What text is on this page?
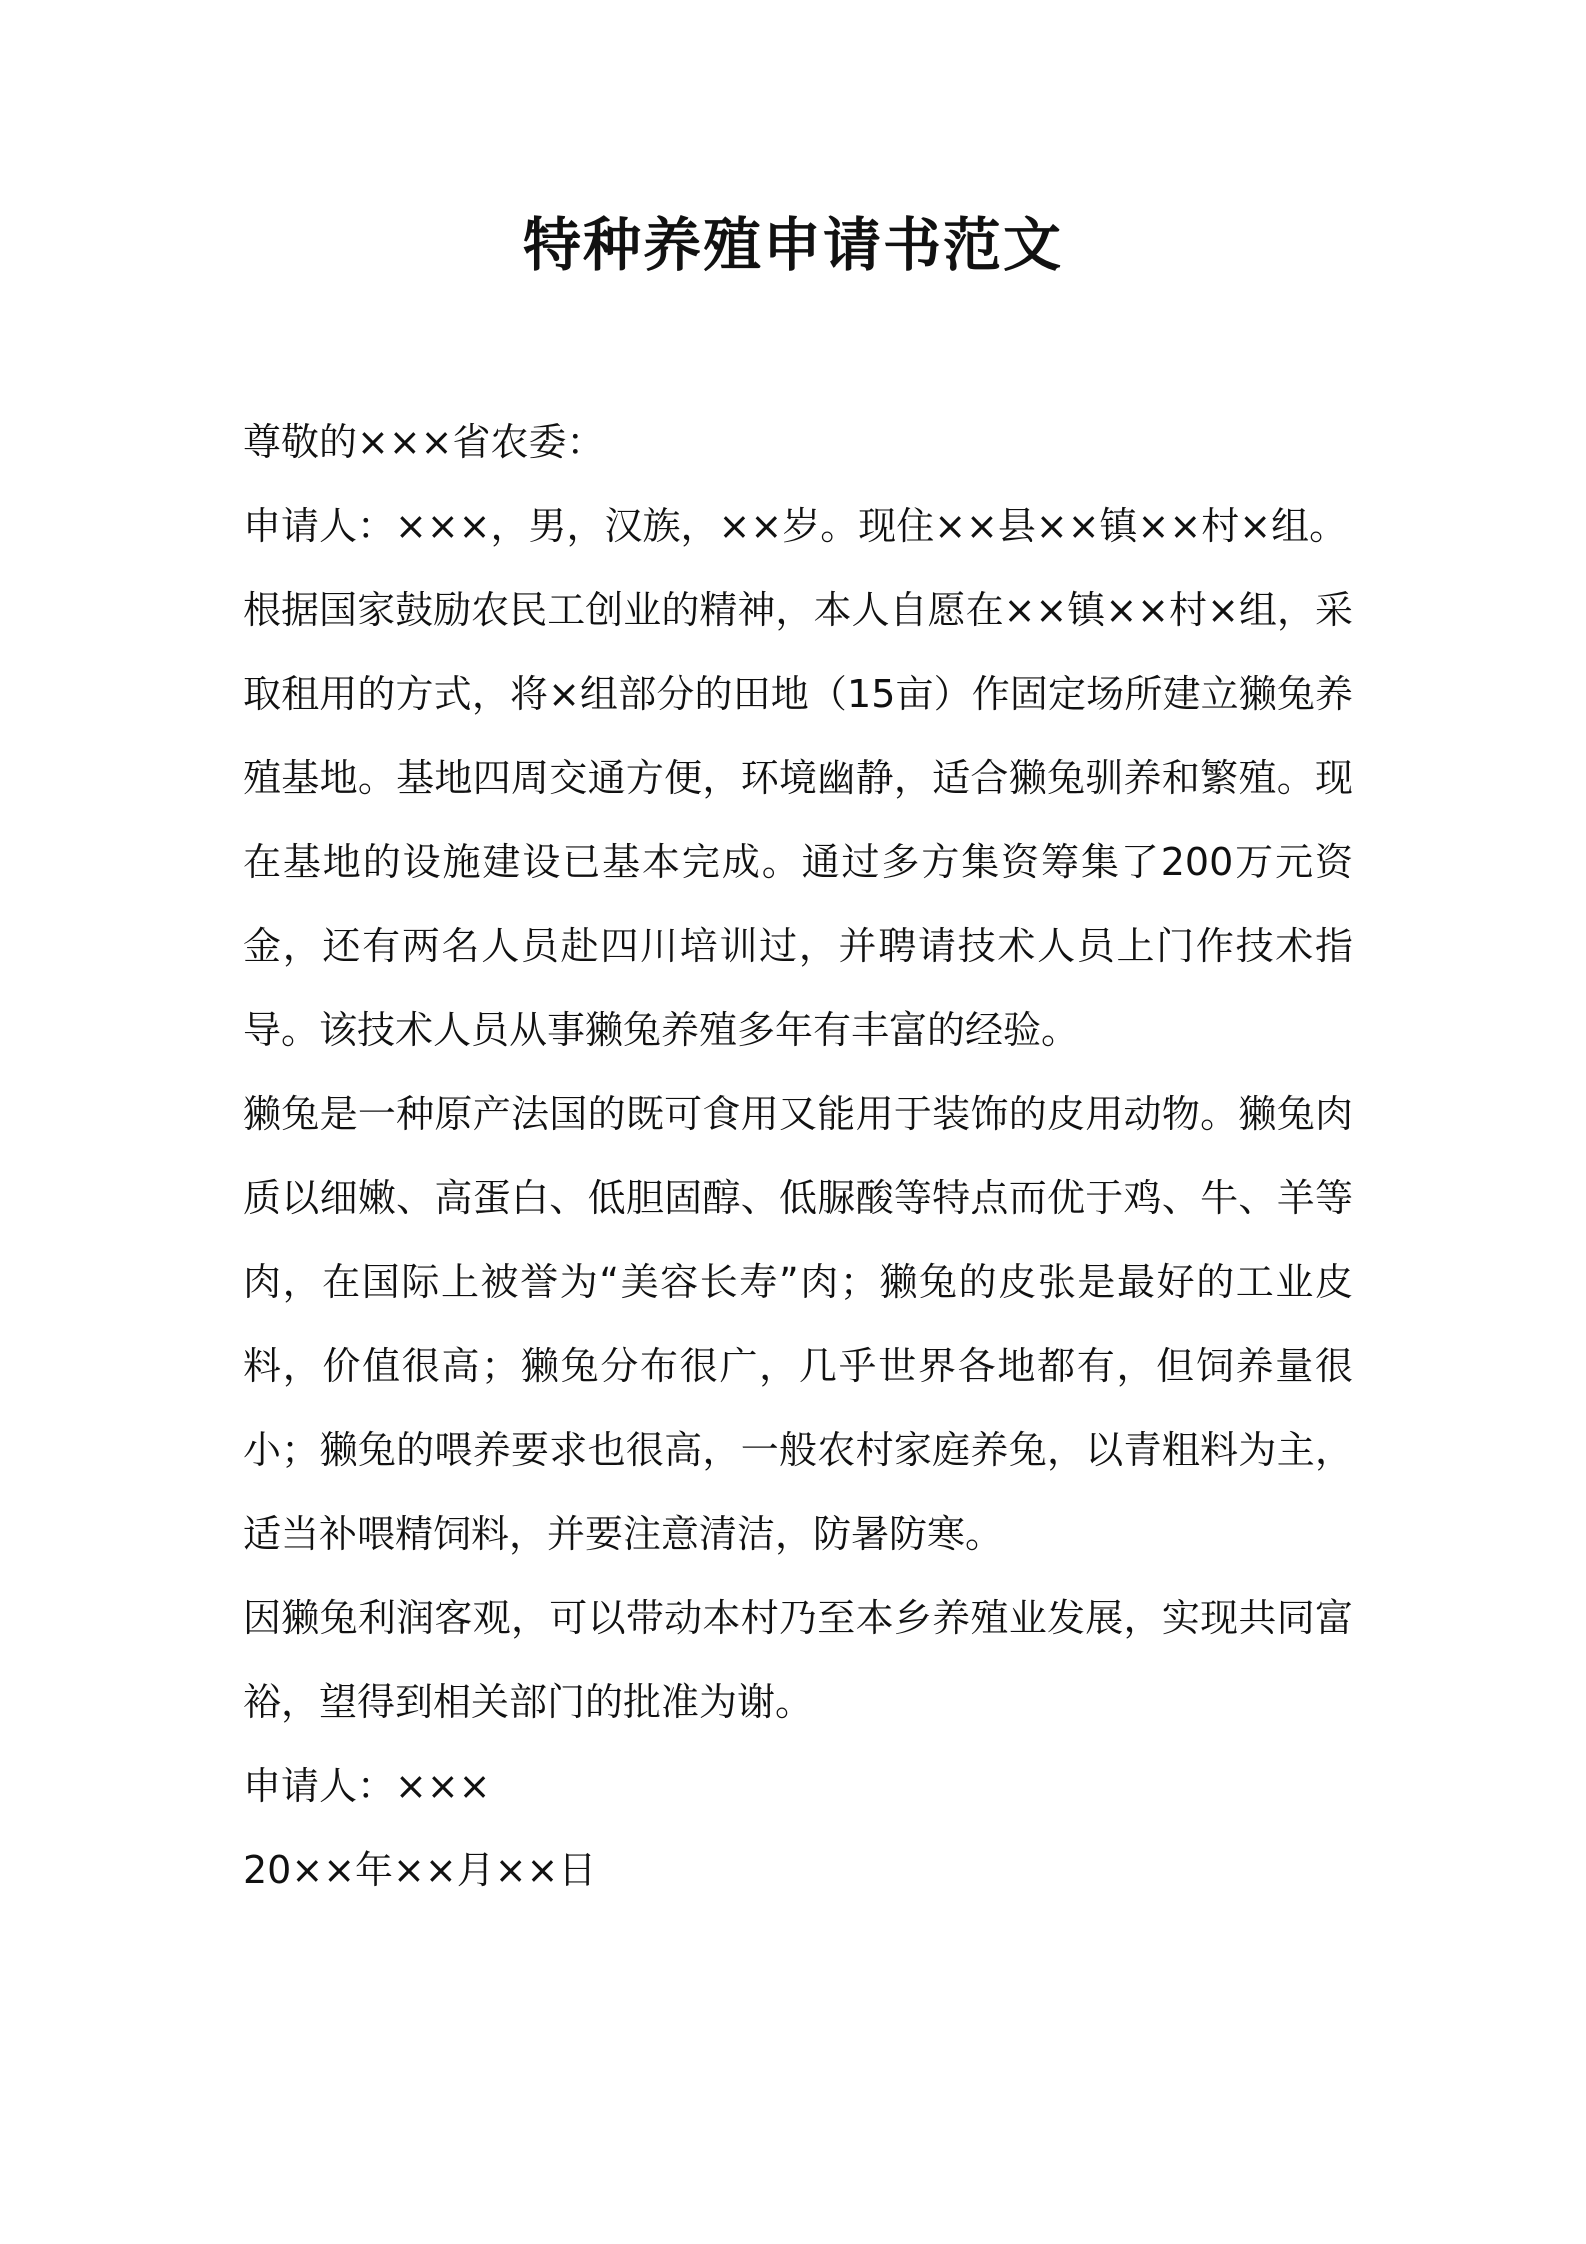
特种养殖申请书范文

尊敬的×××省农委：

申请人：×××，男，汉族，××岁。现住××县××镇××村×组。

根据国家鼓励农民工创业的精神，本人自愿在××镇××村×组，采取租用的方式，将×组部分的田地（15亩）作固定场所建立獭兔养殖基地。基地四周交通方便，环境幽静，适合獭兔驯养和繁殖。现在基地的设施建设已基本完成。通过多方集资筹集了200万元资金，还有两名人员赴四川培训过，并聘请技术人员上门作技术指导。该技术人员从事獭兔养殖多年有丰富的经验。

獭兔是一种原产法国的既可食用又能用于装饰的皮用动物。獭兔肉质以细嫩、高蛋白、低胆固醇、低脲酸等特点而优于鸡、牛、羊等肉，在国际上被誉为“美容长寿”肉；獭兔的皮张是最好的工业皮料，价值很高；獭兔分布很广，几乎世界各地都有，但饲养量很小；獭兔的喂养要求也很高，一般农村家庭养兔，以青粗料为主，适当补喂精饲料，并要注意清洁，防暑防寒。

因獭兔利润客观，可以带动本村乃至本乡养殖业发展，实现共同富裕，望得到相关部门的批准为谢。

申请人：×××

20××年××月××日
